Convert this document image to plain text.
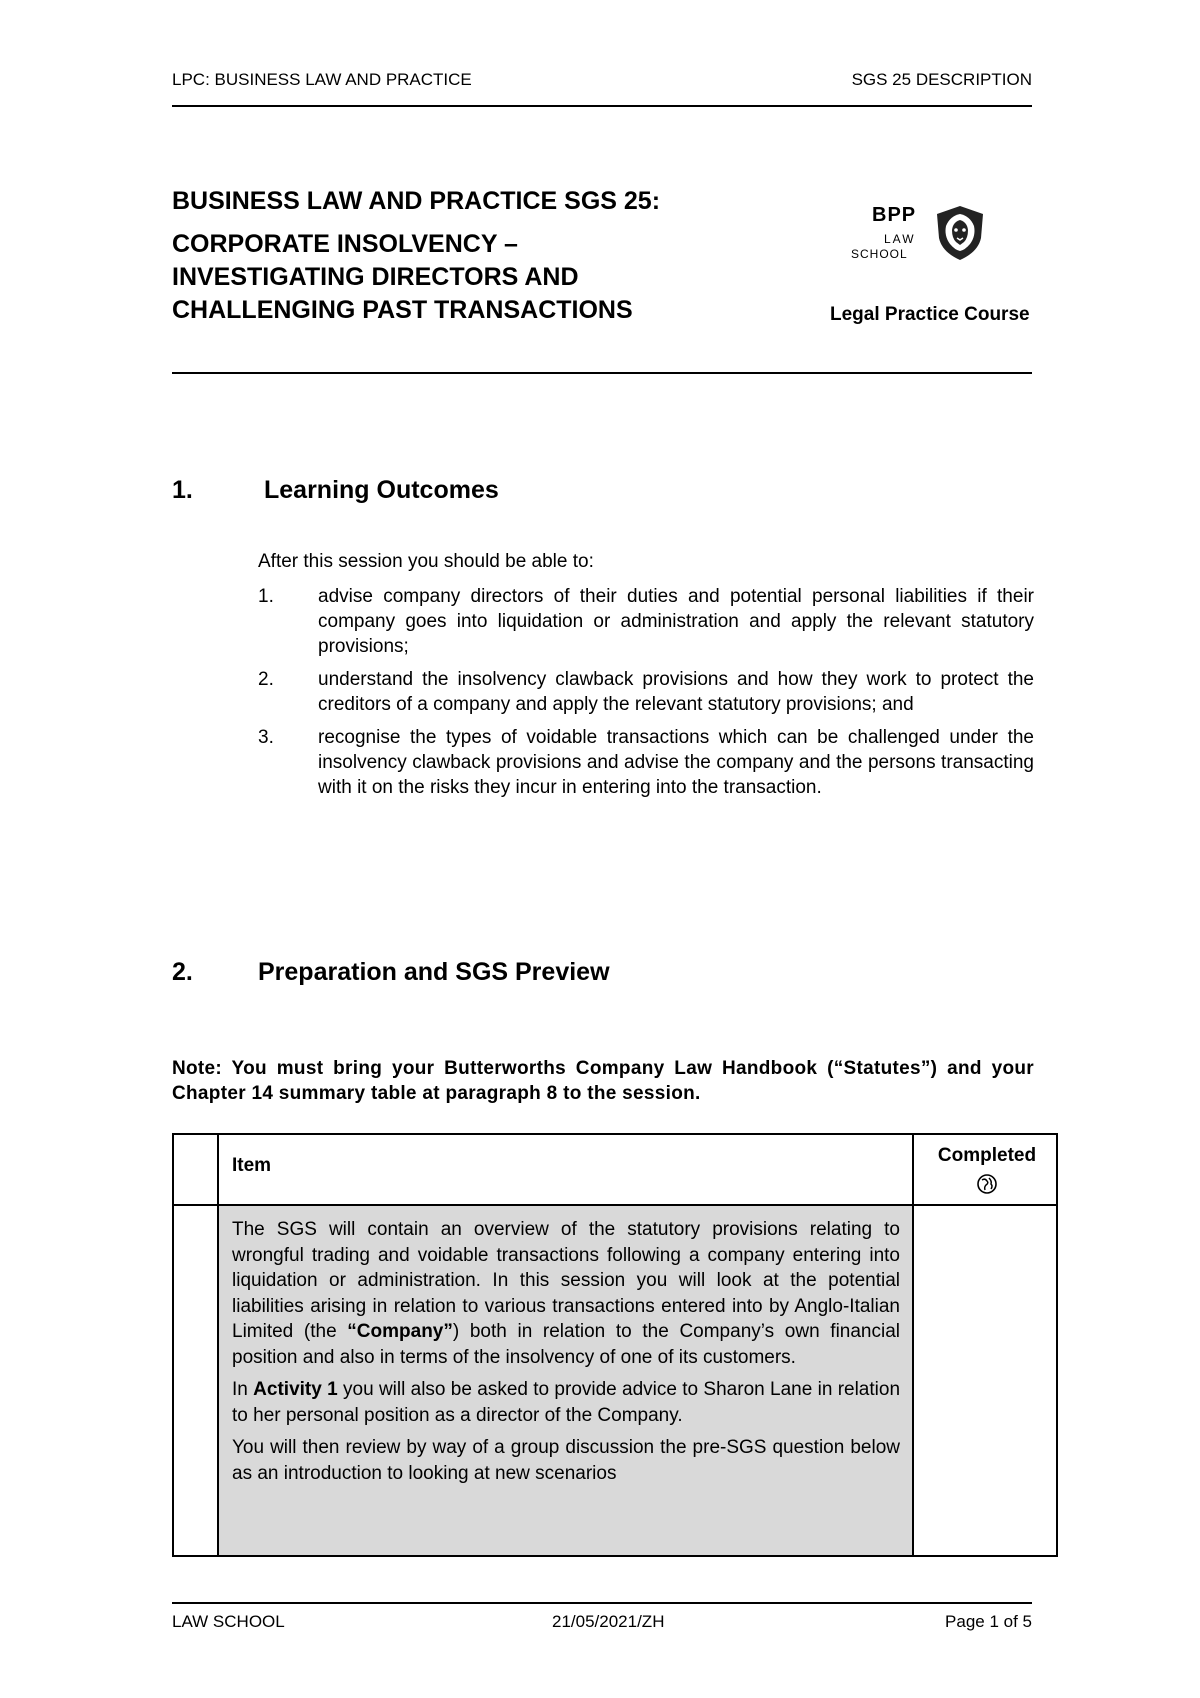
LPC: BUSINESS LAW AND PRACTICE	SGS 25 DESCRIPTION
BUSINESS LAW AND PRACTICE SGS 25:
CORPORATE INSOLVENCY –
INVESTIGATING DIRECTORS AND
CHALLENGING PAST TRANSACTIONS
BPP
LAW
SCHOOL
Legal Practice Course
1.	Learning Outcomes
After this session you should be able to:
1.	advise company directors of their duties and potential personal liabilities if their company goes into liquidation or administration and apply the relevant statutory provisions;
2.	understand the insolvency clawback provisions and how they work to protect the creditors of a company and apply the relevant statutory provisions; and
3.	recognise the types of voidable transactions which can be challenged under the insolvency clawback provisions and advise the company and the persons transacting with it on the risks they incur in entering into the transaction.
2.	Preparation and SGS Preview
Note: You must bring your Butterworths Company Law Handbook (“Statutes”) and your Chapter 14 summary table at paragraph 8 to the session.
Item	Completed

The SGS will contain an overview of the statutory provisions relating to wrongful trading and voidable transactions following a company entering into liquidation or administration. In this session you will look at the potential liabilities arising in relation to various transactions entered into by Anglo-Italian Limited (the “Company”) both in relation to the Company’s own financial position and also in terms of the insolvency of one of its customers.

In Activity 1 you will also be asked to provide advice to Sharon Lane in relation to her personal position as a director of the Company.

You will then review by way of a group discussion the pre-SGS question below as an introduction to looking at new scenarios

LAW SCHOOL	21/05/2021/ZH	Page 1 of 5
